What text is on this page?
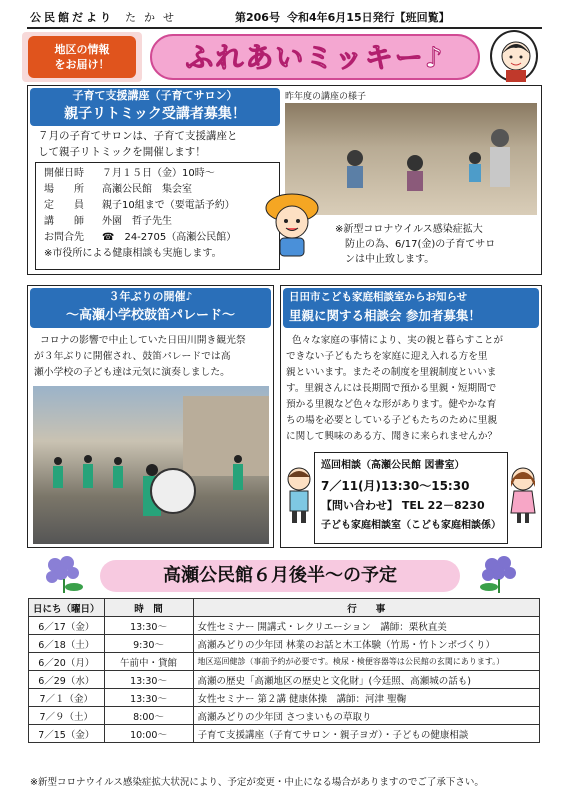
公民館だより	たかせ	第206号 令和4年6月15日発行【班回覧】
地区の情報
をお届け！	ふれあいミッキー♪
子育て支援講座（子育てサロン）
親子リトミック受講者募集！
７月の子育てサロンは、子育て支援講座と
して親子リトミックを開催します！
開催日時 ７月１５日（金）10時～
場　　所 高瀬公民館　集会室
定　　員 親子10組まで（要電話予約）
講　　師 外園　哲子先生
お問合先 ☎　24-2705（高瀬公民館）
※市役所による健康相談も実施します。
昨年度の講座の様子
※新型コロナウイルス感染症拡大
防止の為、6/17(金)の子育てサロ
ンは中止致します。
３年ぶりの開催♪
～高瀬小学校鼓笛パレード～
コロナの影響で中止していた日田川開き観光祭
が３年ぶりに開催され、鼓笛パレードでは高
瀬小学校の子ども達は元気に演奏しました。
日田市こども家庭相談室からお知らせ
里親に関する相談会 参加者募集！
色々な家庭の事情により、実の親と暮らすことが
できない子どもたちを家庭に迎え入れる方を里
親といいます。またその制度を里親制度といいま
す。里親さんには長期間で預かる里親・短期間で
預かる里親など色々な形があります。健やかな育
ちの場を必要としている子どもたちのために里親
に関して興味のある方、聞きに来られませんか？
巡回相談（高瀬公民館 図書室）
7／11(月)13:30～15:30
【問い合わせ】 TEL 22－8230
子ども家庭相談室（こども家庭相談係）
高瀬公民館６月後半～の予定
日にち（曜日）	時　間	行　　事
6／17（金）	13:30～	女性セミナー 開講式・レクリエーション　講師：栗秋直美
6／18（土）	9:30～	高瀬みどりの少年団 林業のお話と木工体験（竹馬・竹トンボづくり）
6／20（月）	午前中・貸館	地区巡回健診（事前予約が必要です。検尿・検便容器等は公民館の玄関にあります。）
6／29（水）	13:30～	高瀬の歴史「高瀬地区の歴史と文化財」(今廷照、高瀬城の話も)
7／１（金）	13:30～	女性セミナー 第２講 健康体操　講師：河津 聖鞠
7／９（土）	8:00～	高瀬みどりの少年団 さつまいもの草取り
7／15（金）	10:00～	子育て支援講座（子育てサロン・親子ヨガ）・子どもの健康相談
※新型コロナウイルス感染症拡大状況により、予定が変更・中止になる場合がありますのでご了承下さい。
